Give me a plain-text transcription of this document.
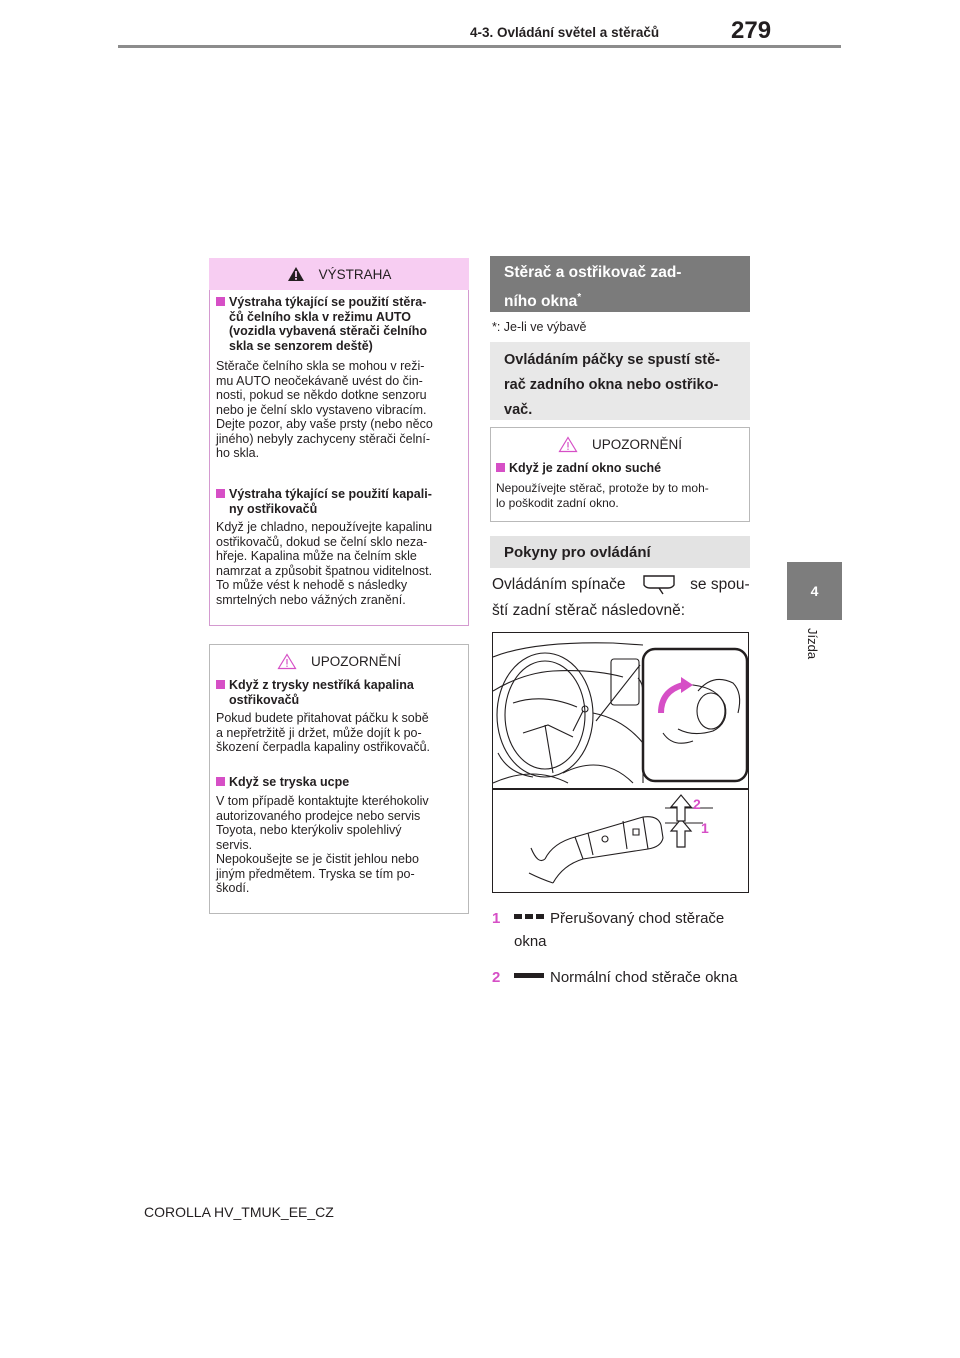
4-3. Ovládání světel a stěračů	279
4
Jízda
VÝSTRAHA
Výstraha týkající se použití stěra-
čů čelního skla v režimu AUTO
(vozidla vybavená stěrači čelního
skla se senzorem deště)
Stěrače čelního skla se mohou v reži-
mu AUTO neočekávaně uvést do čin-
nosti, pokud se někdo dotkne senzoru
nebo je čelní sklo vystaveno vibracím.
Dejte pozor, aby vaše prsty (nebo něco
jiného) nebyly zachyceny stěrači čelní-
ho skla.
Výstraha týkající se použití kapali-
ny ostřikovačů
Když je chladno, nepoužívejte kapalinu
ostřikovačů, dokud se čelní sklo neza-
hřeje. Kapalina může na čelním skle
namrzat a způsobit špatnou viditelnost.
To může vést k nehodě s následky
smrtelných nebo vážných zranění.
UPOZORNĚNÍ
Když z trysky nestříká kapalina
ostřikovačů
Pokud budete přitahovat páčku k sobě
a nepřetržitě ji držet, může dojít k po-
škození čerpadla kapaliny ostřikovačů.
Když se tryska ucpe
V tom případě kontaktujte kteréhokoliv
autorizovaného prodejce nebo servis
Toyota, nebo kterýkoliv spolehlivý
servis.
Nepokoušejte se je čistit jehlou nebo
jiným předmětem. Tryska se tím po-
škodí.
Stěrač a ostřikovač zad-
ního okna*
*: Je-li ve výbavě
Ovládáním páčky se spustí stě-
rač zadního okna nebo ostřiko-
vač.
UPOZORNĚNÍ
Když je zadní okno suché
Nepoužívejte stěrač, protože by to moh-
lo poškodit zadní okno.
Pokyny pro ovládání
Ovládáním spínače	se spou-
ští zadní stěrač následovně:
2
1
1	Přerušovaný chod stěrače
okna
2	Normální chod stěrače okna
COROLLA HV_TMUK_EE_CZ
